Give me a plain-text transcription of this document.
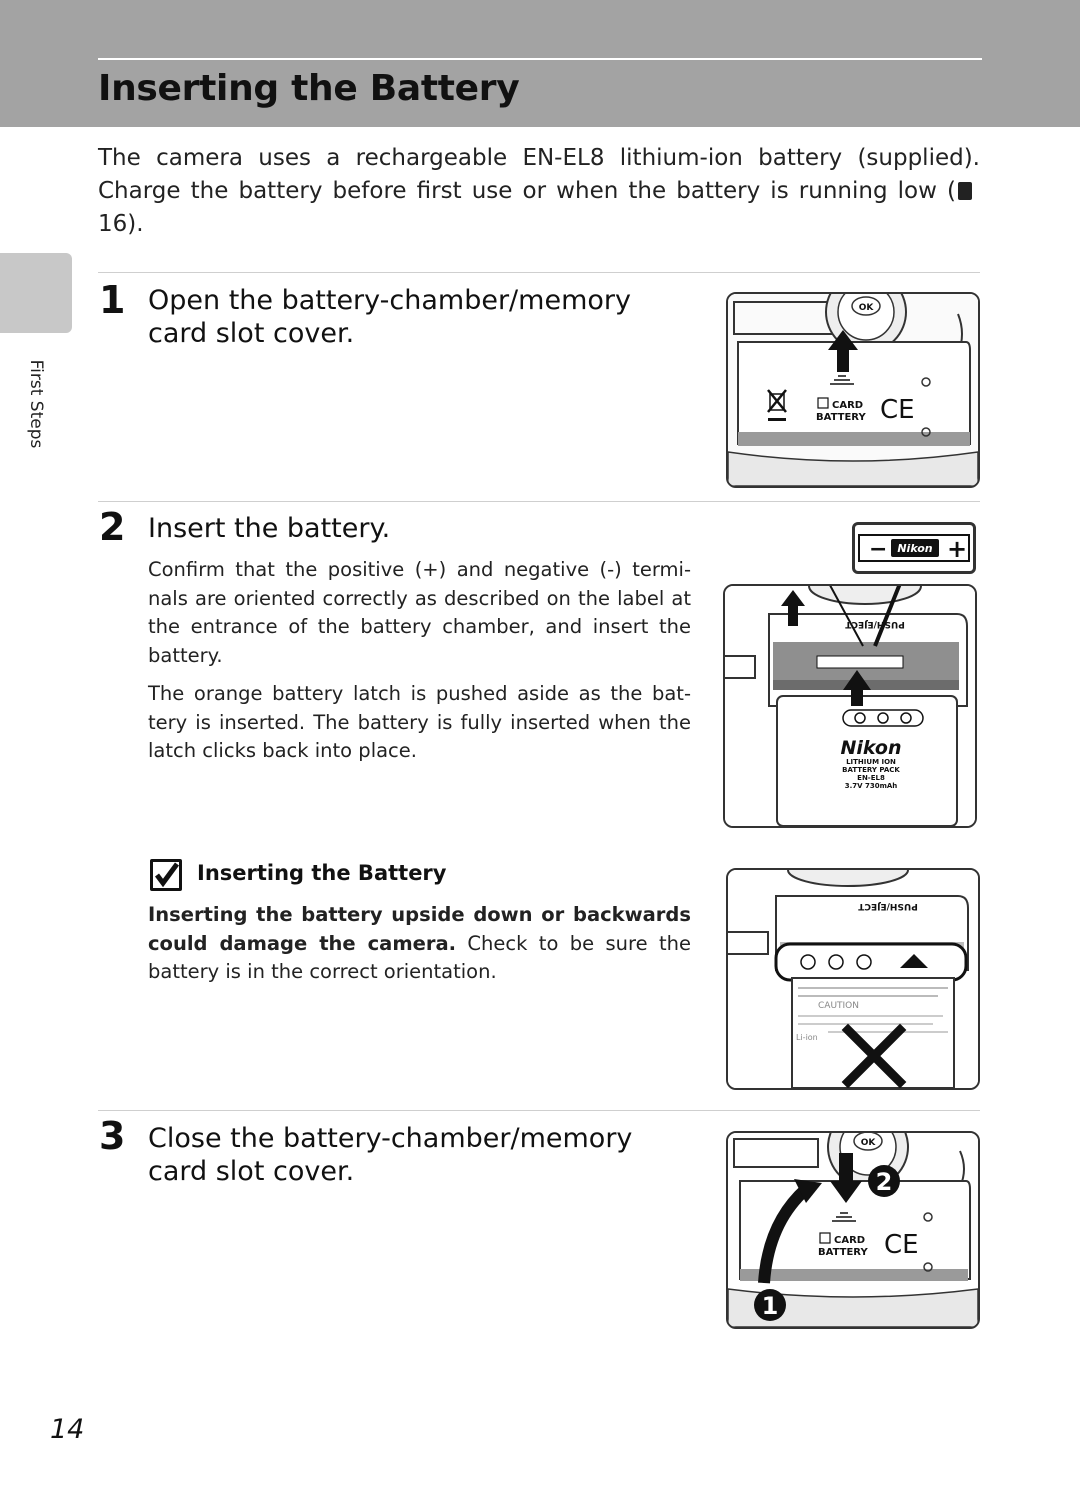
Inserting the Battery
First Steps

The camera uses a rechargeable EN-EL8 lithium-ion battery (supplied). Charge the battery before first use or when the battery is running low (16).

1 Open the battery-chamber/memory card slot cover.
OK
CARD
BATTERY CE
2 Insert the battery.

Confirm that the positive (+) and negative (-) termi-nals are oriented correctly as described on the label at the entrance of the battery chamber, and insert the battery.

The orange battery latch is pushed aside as the bat-tery is inserted. The battery is fully inserted when the latch clicks back into place.

− Nikon +
PUSH/EJECT
Nikon
LITHIUM ION
BATTERY PACK
EN-EL8
3.7V 730mAh
Inserting the Battery

Inserting the battery upside down or backwards could damage the camera. Check to be sure the battery is in the correct orientation.

PUSH/EJECT
CAUTION
Li-ion
3 Close the battery-chamber/memory card slot cover.
OK
2
1
CARD
BATTERY CE
14
